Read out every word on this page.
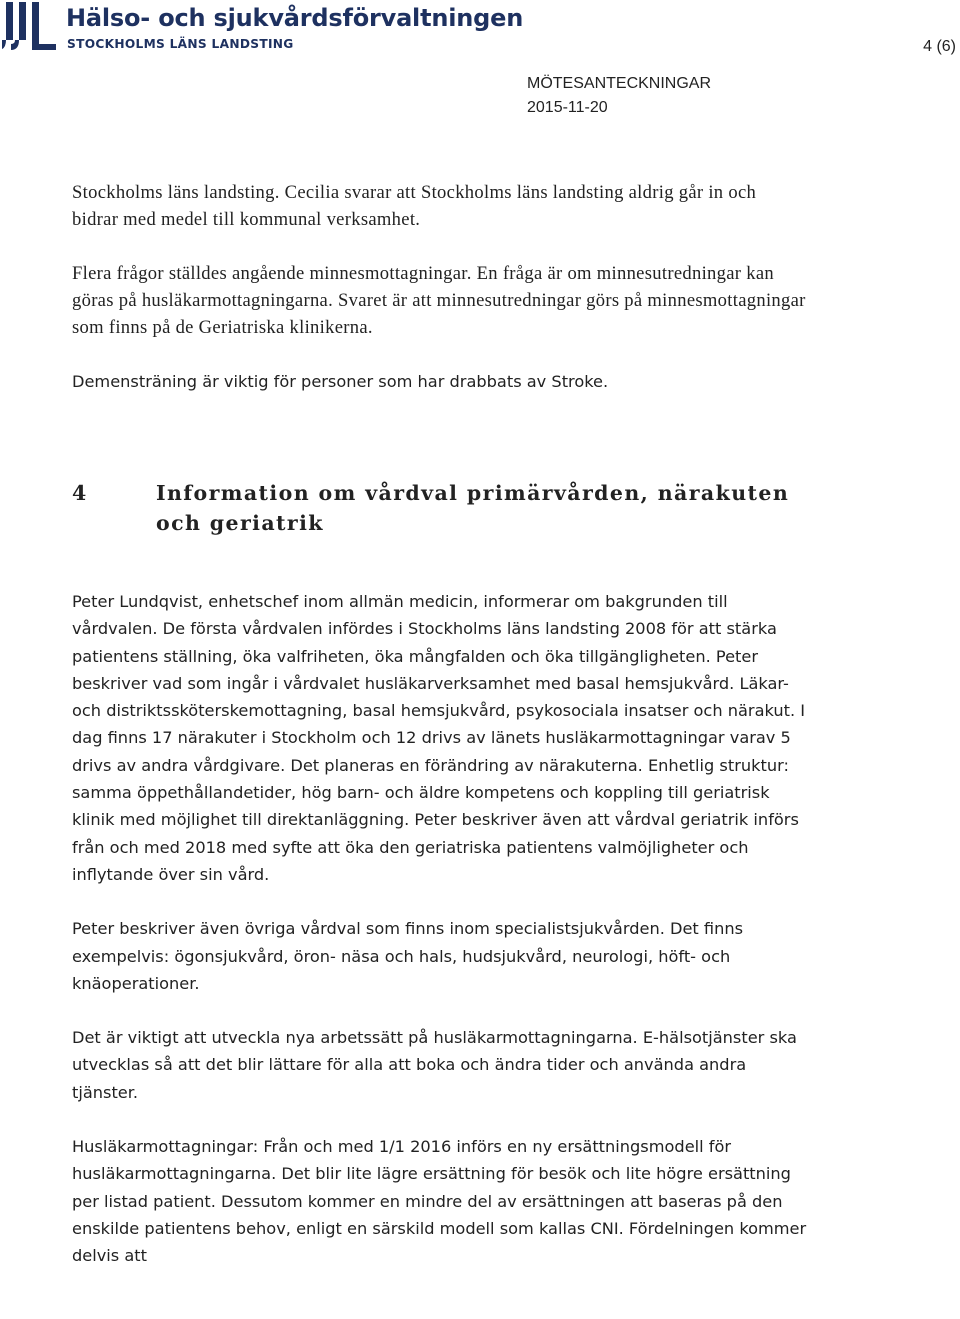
Hälso- och sjukvårdsförvaltningen
STOCKHOLMS LÄNS LANDSTING	4 (6)
MÖTESANTECKNINGAR
2015-11-20

Stockholms läns landsting. Cecilia svarar att Stockholms läns landsting aldrig går in och bidrar med medel till kommunal verksamhet.

Flera frågor ställdes angående minnesmottagningar. En fråga är om minnesutredningar kan göras på husläkarmottagningarna. Svaret är att minnesutredningar görs på minnesmottagningar som finns på de Geriatriska klinikerna.

Demensträning är viktig för personer som har drabbats av Stroke.

4	Information om vårdval primärvården, närakuten och geriatrik

Peter Lundqvist, enhetschef inom allmän medicin, informerar om bakgrunden till vårdvalen. De första vårdvalen infördes i Stockholms läns landsting 2008 för att stärka patientens ställning, öka valfriheten, öka mångfalden och öka tillgängligheten. Peter beskriver vad som ingår i vårdvalet husläkarverksamhet med basal hemsjukvård. Läkar- och distriktssköterskemottagning, basal hemsjukvård, psykosociala insatser och närakut. I dag finns 17 närakuter i Stockholm och 12 drivs av länets husläkarmottagningar varav 5 drivs av andra vårdgivare. Det planeras en förändring av närakuterna. Enhetlig struktur: samma öppethållandetider, hög barn- och äldre kompetens och koppling till geriatrisk klinik med möjlighet till direktanläggning. Peter beskriver även att vårdval geriatrik införs från och med 2018 med syfte att öka den geriatriska patientens valmöjligheter och inflytande över sin vård.

Peter beskriver även övriga vårdval som finns inom specialistsjukvården. Det finns exempelvis: ögonsjukvård, öron- näsa och hals, hudsjukvård, neurologi, höft- och knäoperationer.

Det är viktigt att utveckla nya arbetssätt på husläkarmottagningarna. E-hälsotjänster ska utvecklas så att det blir lättare för alla att boka och ändra tider och använda andra tjänster.

Husläkarmottagningar: Från och med 1/1 2016 införs en ny ersättningsmodell för husläkarmottagningarna. Det blir lite lägre ersättning för besök och lite högre ersättning per listad patient. Dessutom kommer en mindre del av ersättningen att baseras på den enskilde patientens behov, enligt en särskild modell som kallas CNI. Fördelningen kommer delvis att
